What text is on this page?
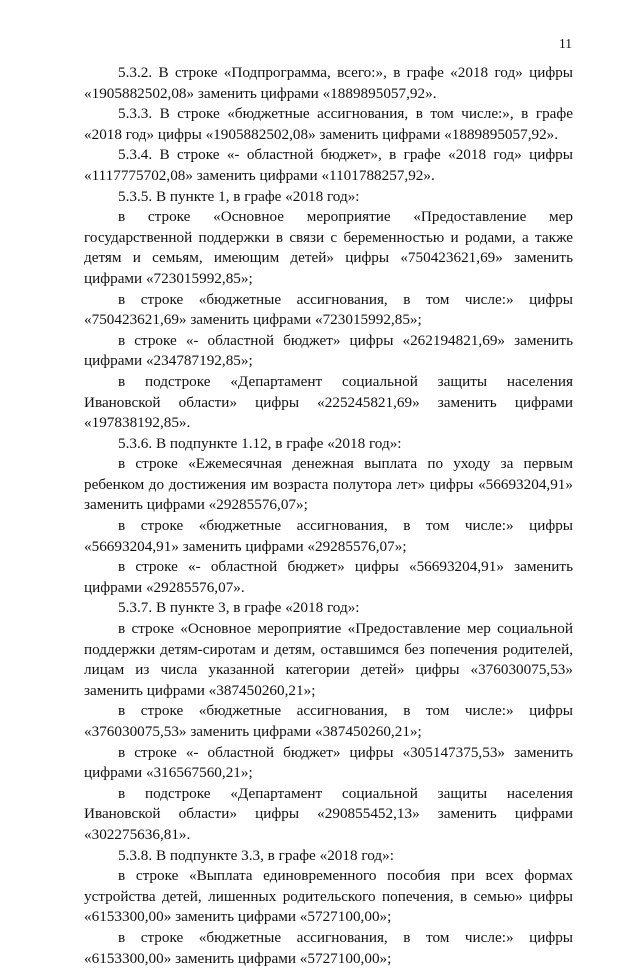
11

5.3.2. В строке «Подпрограмма, всего:», в графе «2018 год» цифры «1905882502,08» заменить цифрами «1889895057,92».

5.3.3. В строке «бюджетные ассигнования, в том числе:», в графе «2018 год» цифры «1905882502,08» заменить цифрами «1889895057,92».

5.3.4. В строке «- областной бюджет», в графе «2018 год» цифры «1117775702,08» заменить цифрами «1101788257,92».

5.3.5. В пункте 1, в графе «2018 год»:

в строке «Основное мероприятие «Предоставление мер государственной поддержки в связи с беременностью и родами, а также детям и семьям, имеющим детей» цифры «750423621,69» заменить цифрами «723015992,85»;

в строке «бюджетные ассигнования, в том числе:» цифры «750423621,69» заменить цифрами «723015992,85»;

в строке «- областной бюджет» цифры «262194821,69» заменить цифрами «234787192,85»;

в подстроке «Департамент социальной защиты населения Ивановской области» цифры «225245821,69» заменить цифрами «197838192,85».

5.3.6. В подпункте 1.12, в графе «2018 год»:

в строке «Ежемесячная денежная выплата по уходу за первым ребенком до достижения им возраста полутора лет» цифры «56693204,91» заменить цифрами «29285576,07»;

в строке «бюджетные ассигнования, в том числе:» цифры «56693204,91» заменить цифрами «29285576,07»;

в строке «- областной бюджет» цифры «56693204,91» заменить цифрами «29285576,07».

5.3.7. В пункте 3, в графе «2018 год»:

в строке «Основное мероприятие «Предоставление мер социальной поддержки детям-сиротам и детям, оставшимся без попечения родителей, лицам из числа указанной категории детей» цифры «376030075,53» заменить цифрами «387450260,21»;

в строке «бюджетные ассигнования, в том числе:» цифры «376030075,53» заменить цифрами «387450260,21»;

в строке «- областной бюджет» цифры «305147375,53» заменить цифрами «316567560,21»;

в подстроке «Департамент социальной защиты населения Ивановской области» цифры «290855452,13» заменить цифрами «302275636,81».

5.3.8. В подпункте 3.3, в графе «2018 год»:

в строке «Выплата единовременного пособия при всех формах устройства детей, лишенных родительского попечения, в семью» цифры «6153300,00» заменить цифрами «5727100,00»;

в строке «бюджетные ассигнования, в том числе:» цифры «6153300,00» заменить цифрами «5727100,00»;
